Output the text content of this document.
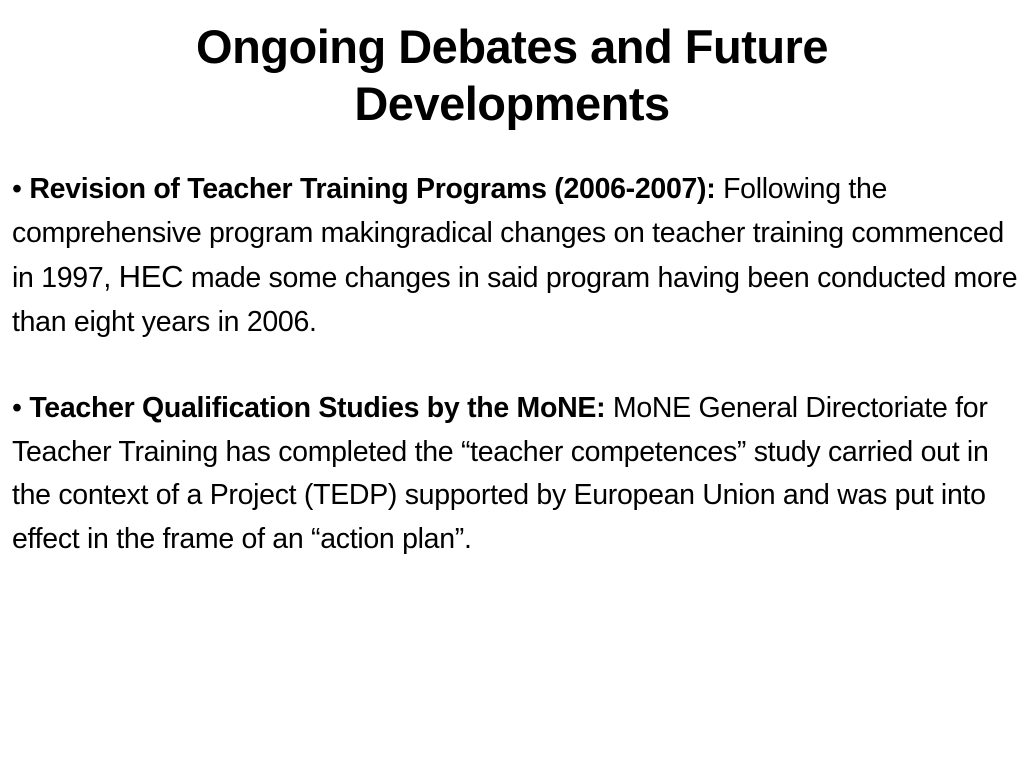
Ongoing Debates and Future Developments
• Revision of Teacher Training Programs (2006-2007): Following the comprehensive program makingradical changes on teacher training commenced in 1997, HEC made some changes in said program having been conducted more than eight years in 2006.
• Teacher Qualification Studies by the MoNE: MoNE General Directoriate for Teacher Training has completed the “teacher competences” study carried out in the context of a Project (TEDP) supported by European Union and was put into effect in the frame of an “action plan”.
